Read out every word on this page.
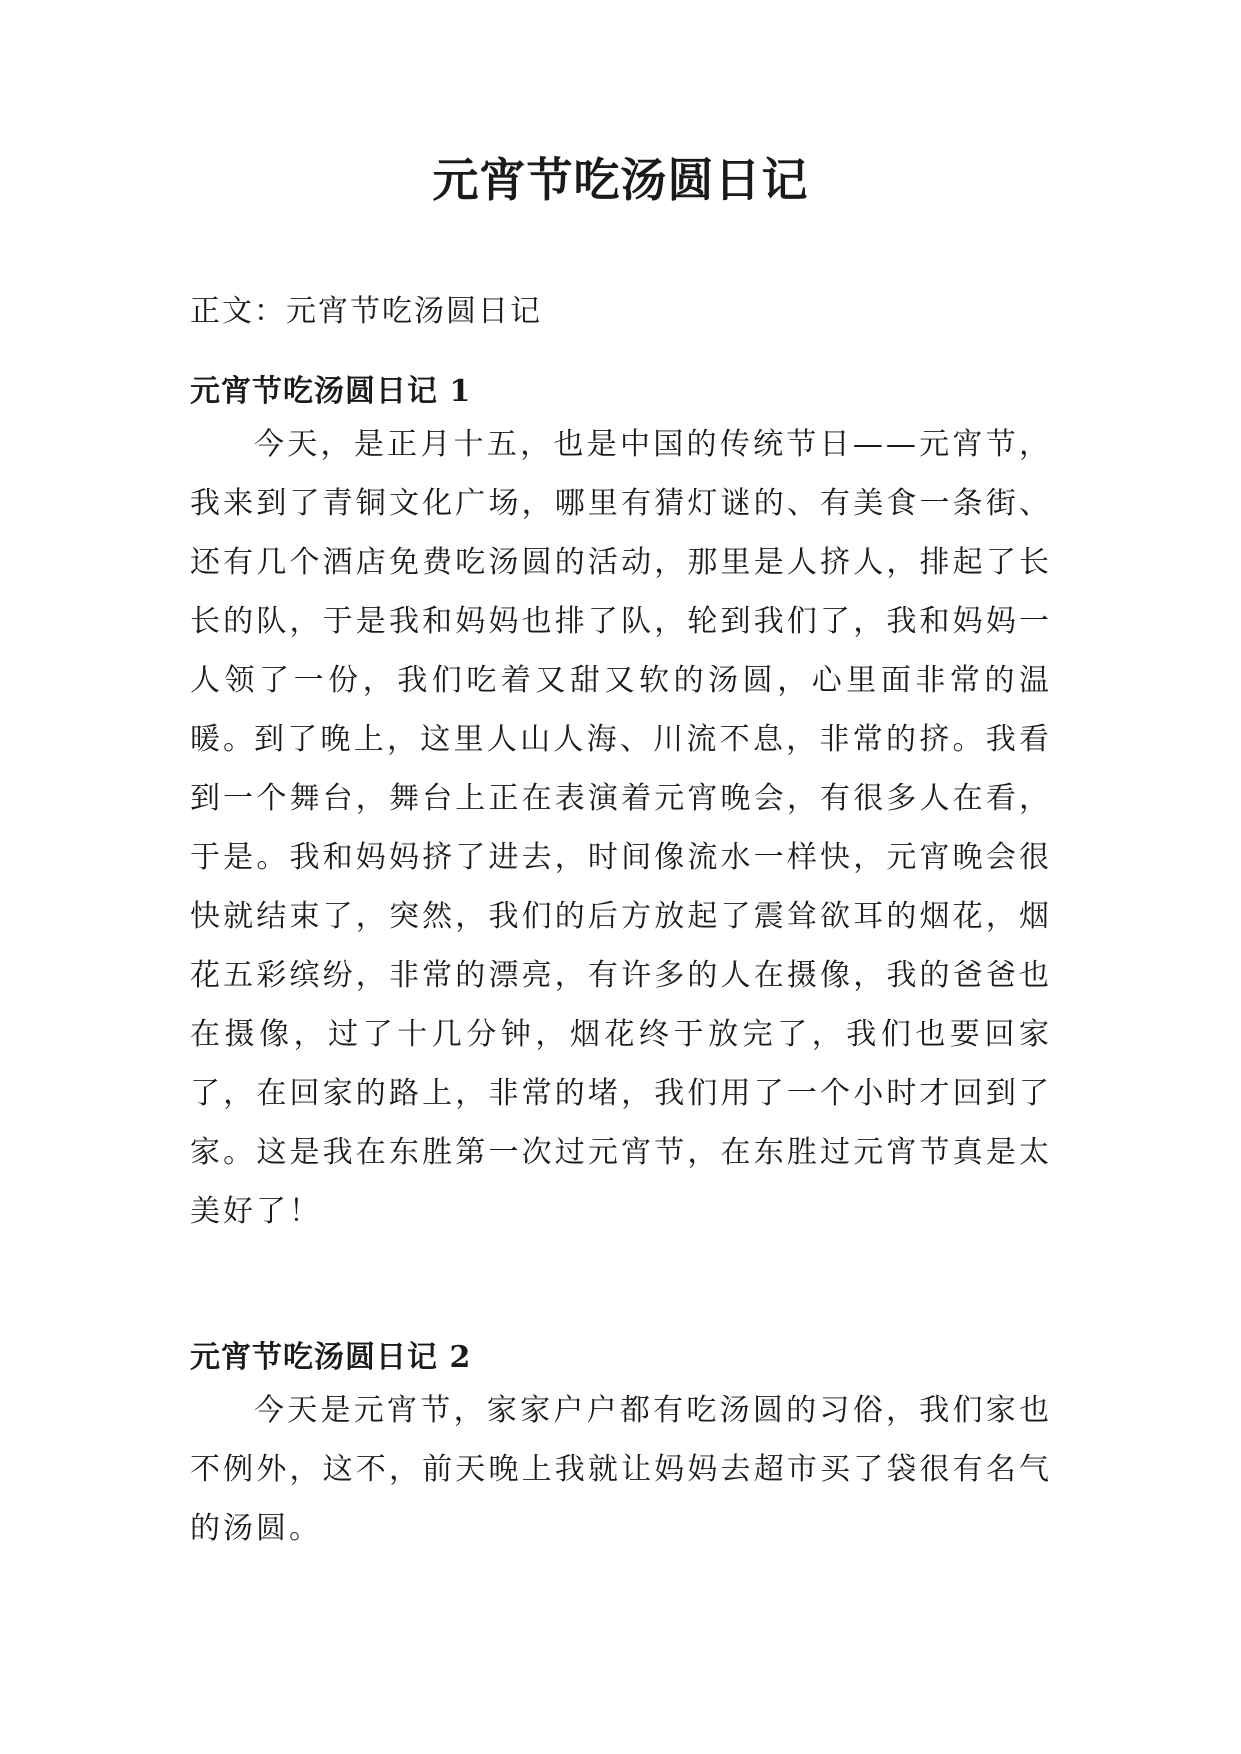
元宵节吃汤圆日记

正文：元宵节吃汤圆日记

元宵节吃汤圆日记 1

今天，是正月十五，也是中国的传统节日——元宵节，我来到了青铜文化广场，哪里有猜灯谜的、有美食一条街、还有几个酒店免费吃汤圆的活动，那里是人挤人，排起了长长的队，于是我和妈妈也排了队，轮到我们了，我和妈妈一人领了一份，我们吃着又甜又软的汤圆，心里面非常的温暖。

到了晚上，这里人山人海、川流不息，非常的挤。我看到一个舞台，舞台上正在表演着元宵晚会，有很多人在看，于是。我和妈妈挤了进去，时间像流水一样快，元宵晚会很快就结束了，突然，我们的后方放起了震耸欲耳的烟花，烟花五彩缤纷，非常的漂亮，有许多的人在摄像，我的爸爸也在摄像，过了十几分钟，烟花终于放完了，我们也要回家了，在回家的路上，非常的堵，我们用了一个小时才回到了家。这是我在东胜第一次过元宵节，在东胜过元宵节真是太美好了！

元宵节吃汤圆日记 2

今天是元宵节，家家户户都有吃汤圆的习俗，我们家也不例外，这不，前天晚上我就让妈妈去超市买了袋很有名气的汤圆。
